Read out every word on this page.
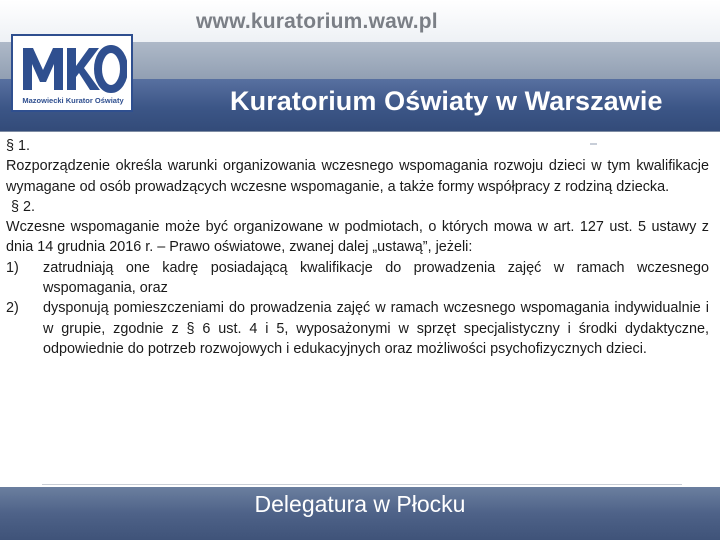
www.kuratorium.waw.pl
Kuratorium Oświaty w Warszawie
Mazowiecki Kurator Oświaty

§ 1.

Rozporządzenie określa warunki organizowania wczesnego wspomagania rozwoju dzieci w tym kwalifikacje wymagane od osób prowadzących wczesne wspomaganie, a także formy współpracy z rodziną dziecka.

§ 2.

Wczesne wspomaganie może być organizowane w podmiotach, o których mowa w art. 127 ust. 5 ustawy z dnia 14 grudnia 2016 r. – Prawo oświatowe, zwanej dalej „ustawą”, jeżeli:

1) zatrudniają one kadrę posiadającą kwalifikacje do prowadzenia zajęć w ramach wczesnego wspomagania, oraz
2) dysponują pomieszczeniami do prowadzenia zajęć w ramach wczesnego wspomagania indywidualnie i w grupie, zgodnie z § 6 ust. 4 i 5, wyposażonymi w sprzęt specjalistyczny i środki dydaktyczne, odpowiednie do potrzeb rozwojowych i edukacyjnych oraz możliwości psychofizycznych dzieci.
Delegatura w Płocku
